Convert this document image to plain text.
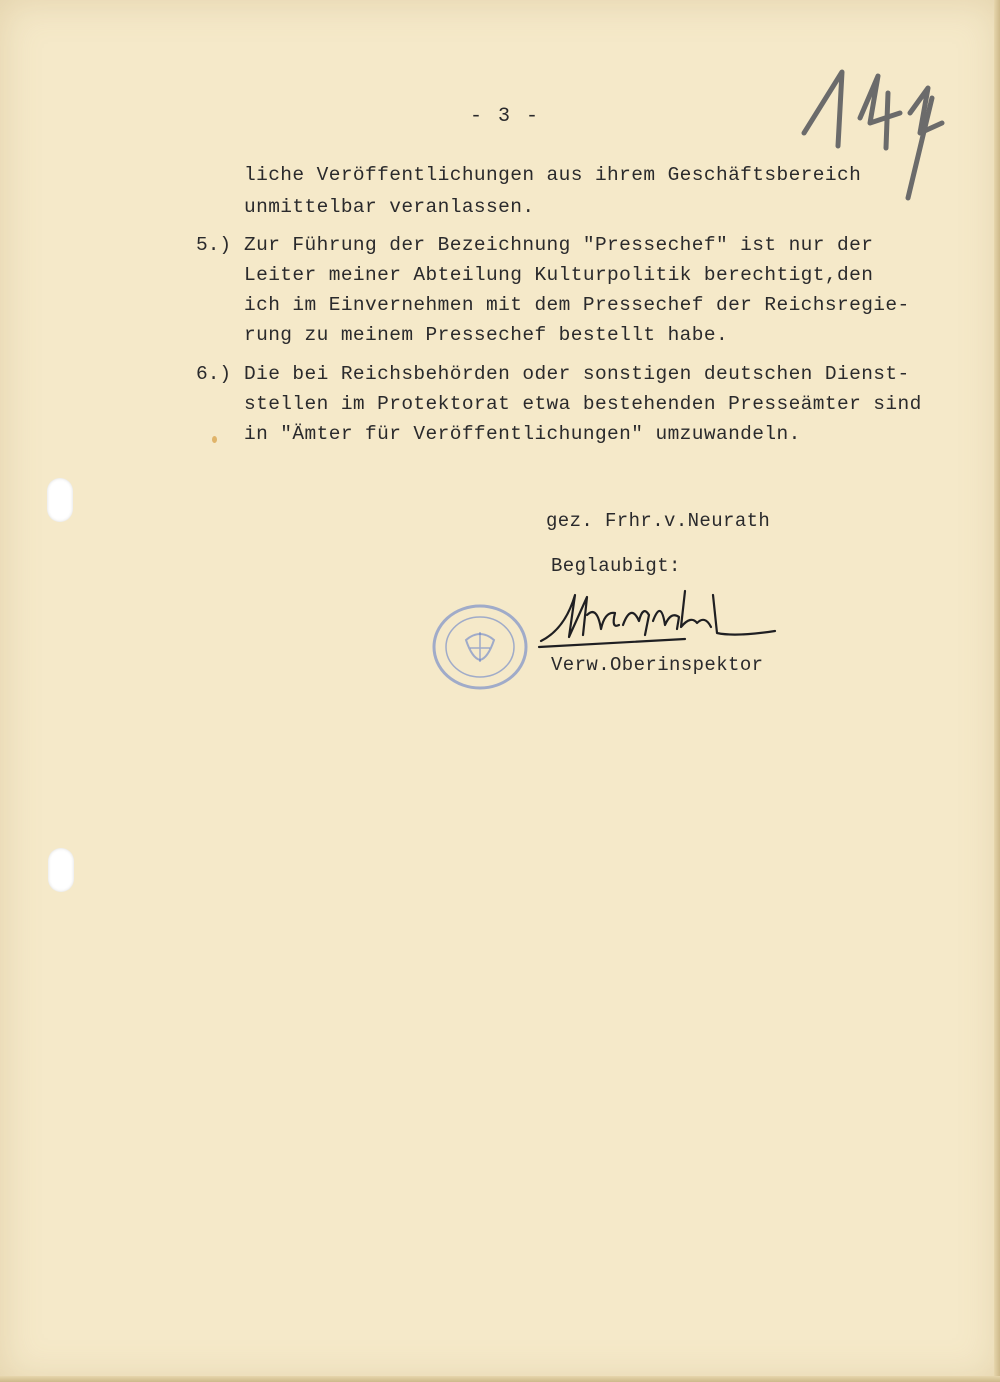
- 3 -
liche Veröffentlichungen aus ihrem Geschäftsbereich
unmittelbar veranlassen.
5.) Zur Führung der Bezeichnung "Pressechef" ist nur der
Leiter meiner Abteilung Kulturpolitik berechtigt,den
ich im Einvernehmen mit dem Pressechef der Reichsregie-
rung zu meinem Pressechef bestellt habe.
6.) Die bei Reichsbehörden oder sonstigen deutschen Dienst-
stellen im Protektorat etwa bestehenden Presseämter sind
in "Ämter für Veröffentlichungen" umzuwandeln.
gez. Frhr.v.Neurath
Beglaubigt:
Verw.Oberinspektor
